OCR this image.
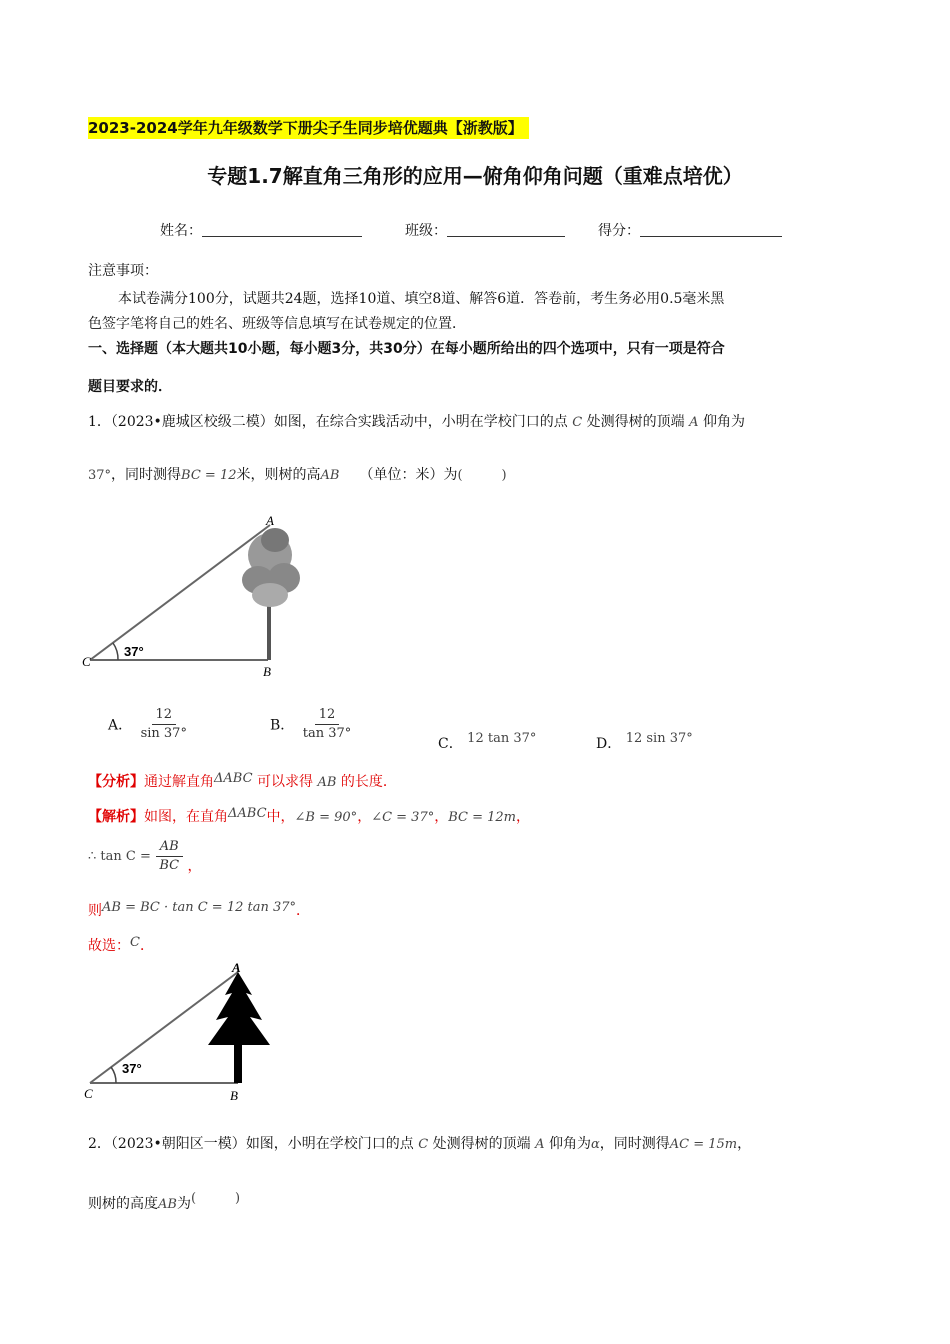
2023-2024学年九年级数学下册尖子生同步培优题典【浙教版】
专题1.7解直角三角形的应用—俯角仰角问题（重难点培优）
姓名：	班级：	得分：
注意事项：
本试卷满分100分，试题共24题，选择10道、填空8道、解答6道．答卷前，考生务必用0.5毫米黑
色签字笔将自己的姓名、班级等信息填写在试卷规定的位置．
一、选择题（本大题共10小题，每小题3分，共30分）在每小题所给出的四个选项中，只有一项是符合
题目要求的．
1．（2023•鹿城区校级二模）如图，在综合实践活动中，小明在学校门口的点 C 处测得树的顶端 A 仰角为
37°，同时测得BC = 12米，则树的高AB （单位：米）为(　　　)
A
B
C
37°
A． $\frac{12}{\sin 37^\circ}$	B． $\frac{12}{\tan 37^\circ}$
C． 12 tan 37°	D． 12 sin 37°
【分析】通过解直角ΔABC 可以求得 AB 的长度．
【解析】如图，在直角ΔABC中，∠B = 90°，∠C = 37°，BC = 12m，
∴ $\tan C = \frac{AB}{BC}$ ，
则AB = BC · tan C = 12 tan 37°．
故选：C．
A
B
C
37°
2．（2023•朝阳区一模）如图，小明在学校门口的点 C 处测得树的顶端 A 仰角为α，同时测得AC = 15m，
则树的高度AB为(　　　)
